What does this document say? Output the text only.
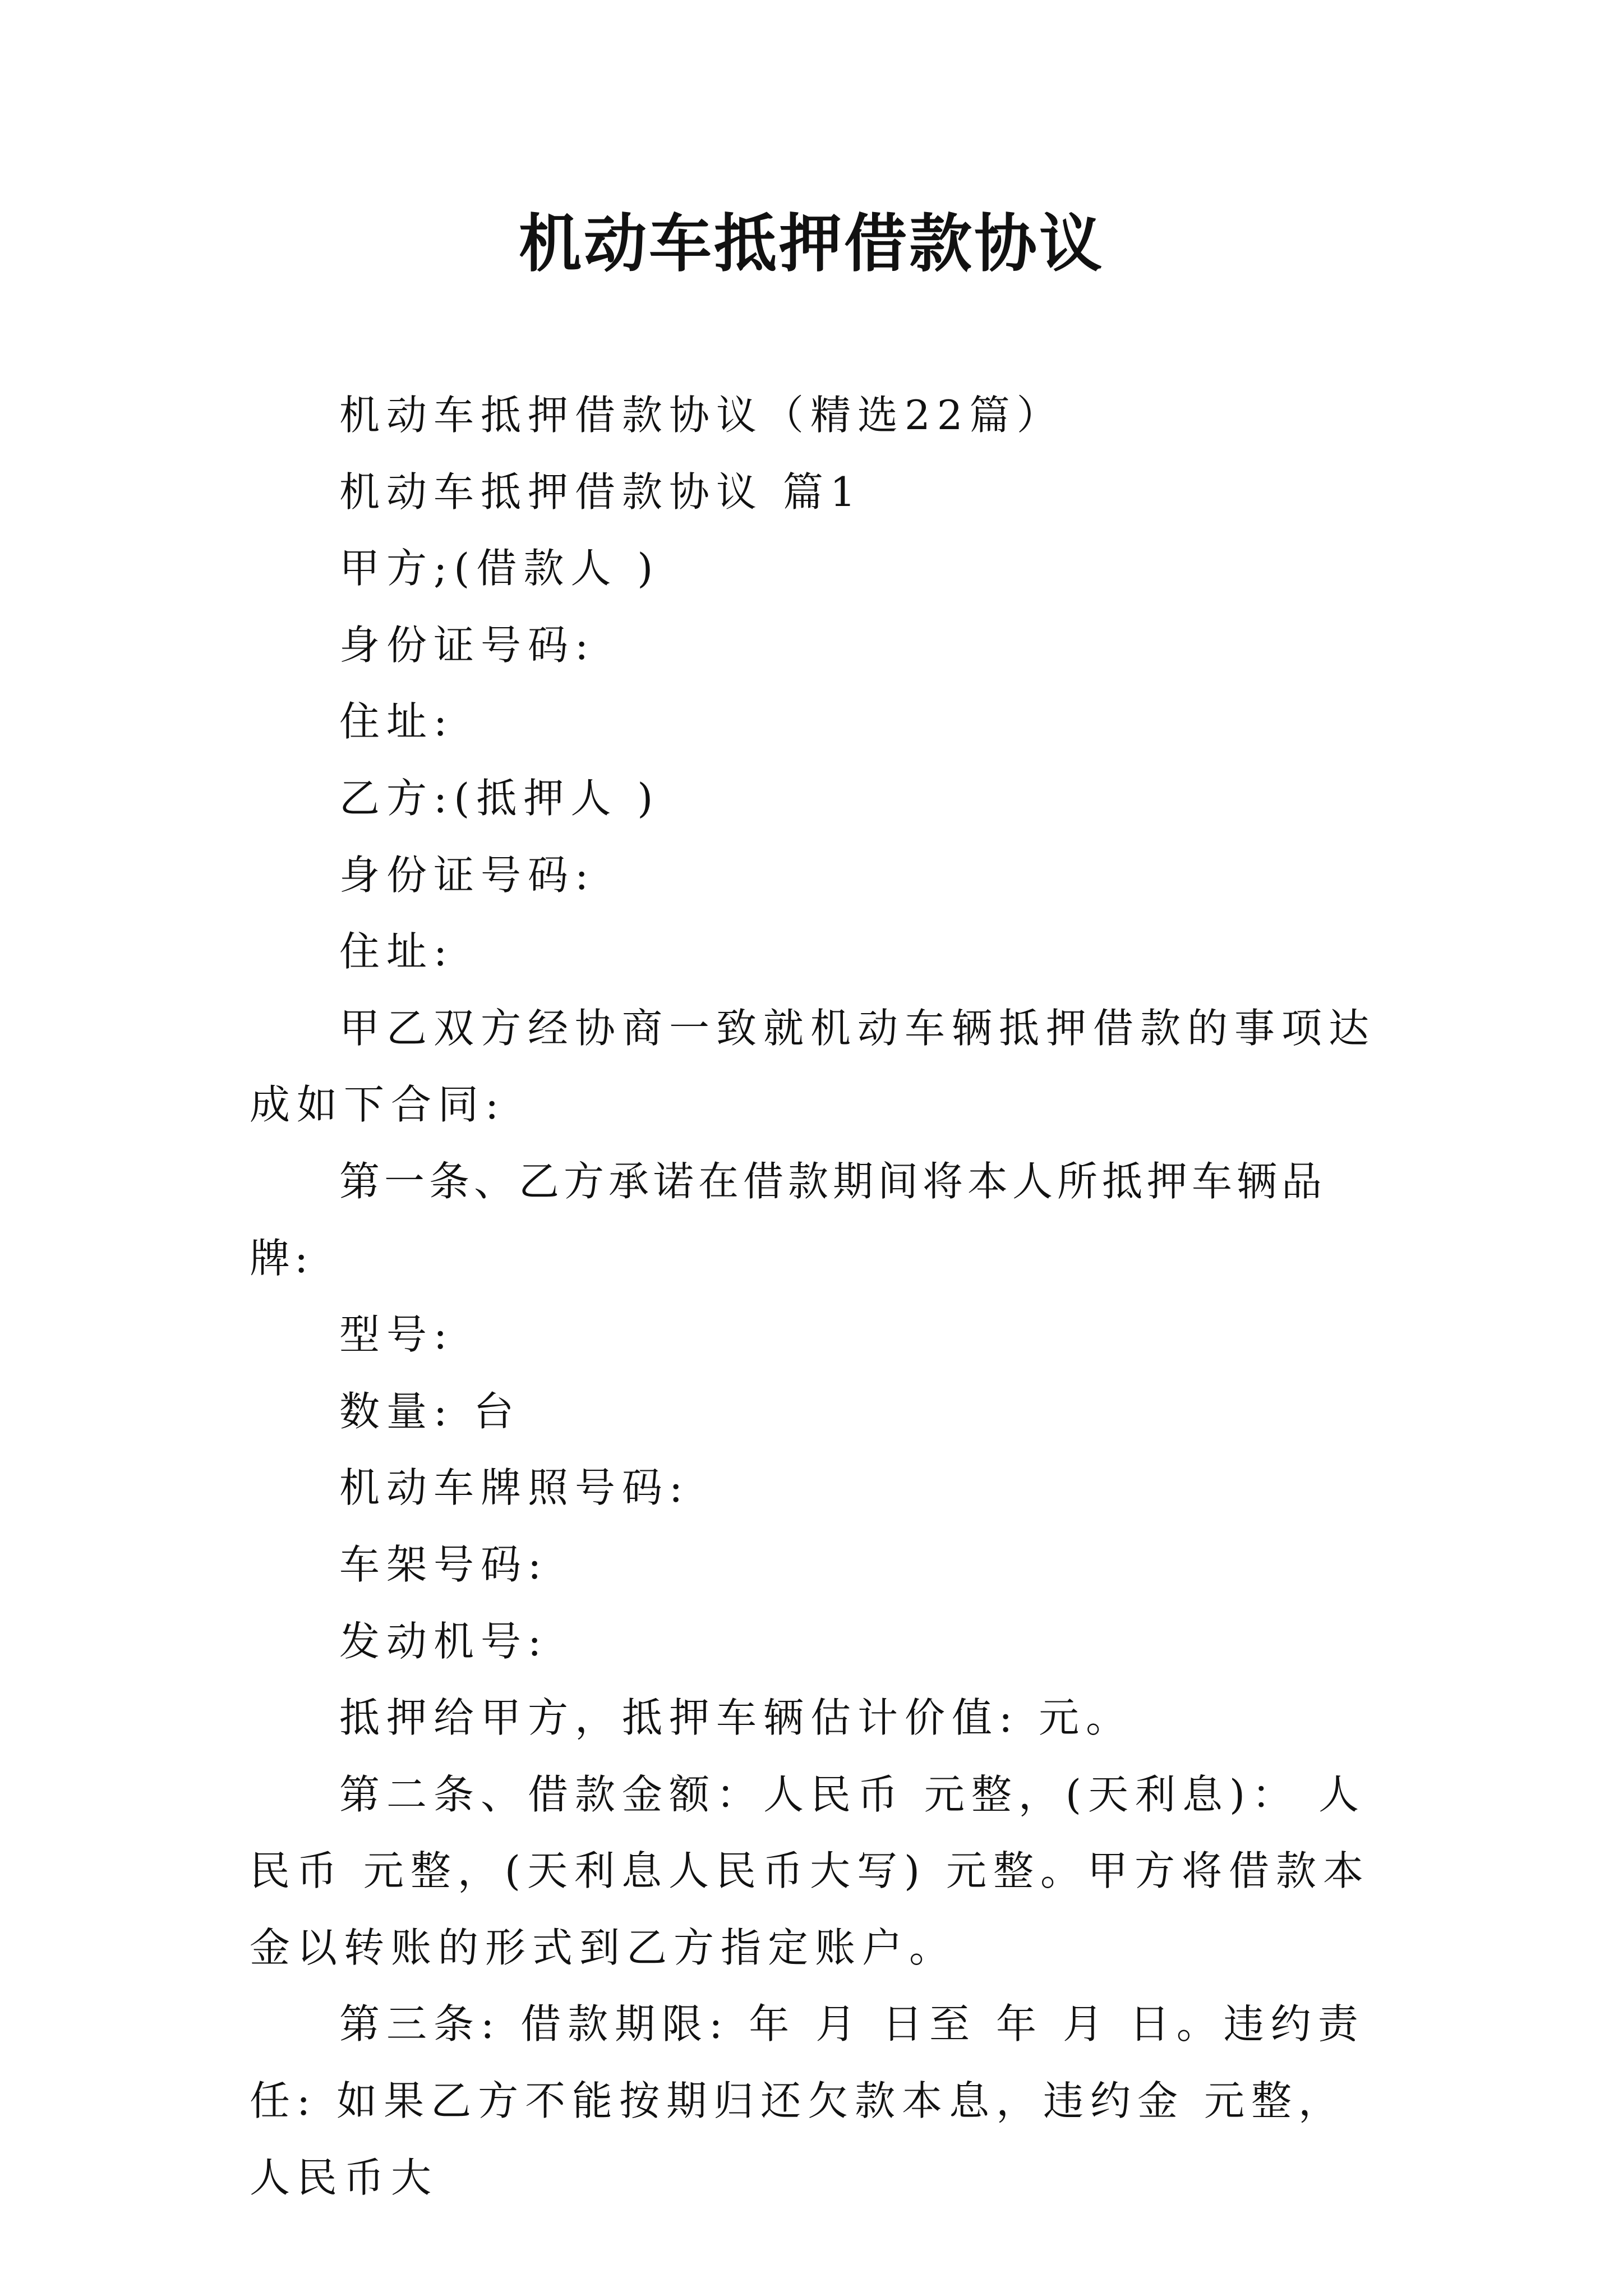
机动车抵押借款协议

机动车抵押借款协议（精选22篇）

机动车抵押借款协议 篇1

甲方;(借款人 )

身份证号码:

住址:

乙方:(抵押人 )

身份证号码:

住址:

甲乙双方经协商一致就机动车辆抵押借款的事项达成如下合同:

第一条、乙方承诺在借款期间将本人所抵押车辆品牌:

型号:

数量: 台

机动车牌照号码:

车架号码:

发动机号:

抵押给甲方，抵押车辆估计价值: 元。

第二条、借款金额：人民币 元整，(天利息)： 人民币 元整，(天利息人民币大写) 元整。甲方将借款本金以转账的形式到乙方指定账户。

第三条: 借款期限: 年 月 日至 年 月 日。违约责任: 如果乙方不能按期归还欠款本息，违约金 元整，人民币大
